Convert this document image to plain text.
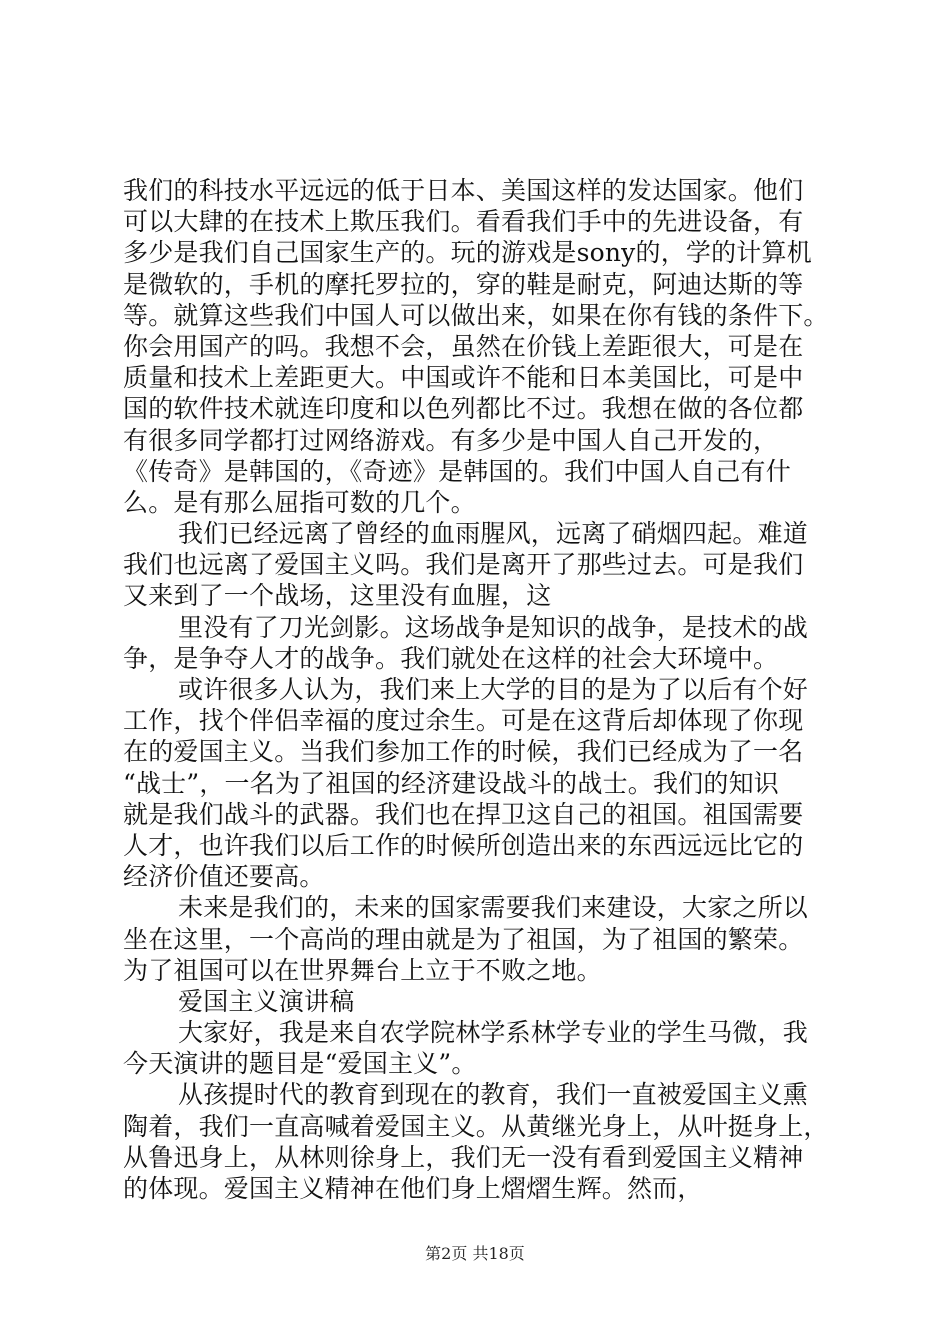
我们的科技水平远远的低于日本、美国这样的发达国家。他们
可以大肆的在技术上欺压我们。看看我们手中的先进设备，有
多少是我们自己国家生产的。玩的游戏是sony的，学的计算机
是微软的，手机的摩托罗拉的，穿的鞋是耐克，阿迪达斯的等
等。就算这些我们中国人可以做出来，如果在你有钱的条件下。
你会用国产的吗。我想不会，虽然在价钱上差距很大，可是在
质量和技术上差距更大。中国或许不能和日本美国比，可是中
国的软件技术就连印度和以色列都比不过。我想在做的各位都
有很多同学都打过网络游戏。有多少是中国人自己开发的，
《传奇》是韩国的，《奇迹》是韩国的。我们中国人自己有什
么。是有那么屈指可数的几个。
我们已经远离了曾经的血雨腥风，远离了硝烟四起。难道
我们也远离了爱国主义吗。我们是离开了那些过去。可是我们
又来到了一个战场，这里没有血腥，这
里没有了刀光剑影。这场战争是知识的战争，是技术的战
争，是争夺人才的战争。我们就处在这样的社会大环境中。
或许很多人认为，我们来上大学的目的是为了以后有个好
工作，找个伴侣幸福的度过余生。可是在这背后却体现了你现
在的爱国主义。当我们参加工作的时候，我们已经成为了一名
“战士”，一名为了祖国的经济建设战斗的战士。我们的知识
就是我们战斗的武器。我们也在捍卫这自己的祖国。祖国需要
人才，也许我们以后工作的时候所创造出来的东西远远比它的
经济价值还要高。
未来是我们的，未来的国家需要我们来建设，大家之所以
坐在这里，一个高尚的理由就是为了祖国，为了祖国的繁荣。
为了祖国可以在世界舞台上立于不败之地。
爱国主义演讲稿
大家好，我是来自农学院林学系林学专业的学生马微，我
今天演讲的题目是“爱国主义”。
从孩提时代的教育到现在的教育，我们一直被爱国主义熏
陶着，我们一直高喊着爱国主义。从黄继光身上，从叶挺身上，
从鲁迅身上，从林则徐身上，我们无一没有看到爱国主义精神
的体现。爱国主义精神在他们身上熠熠生辉。然而，
第2页 共18页
